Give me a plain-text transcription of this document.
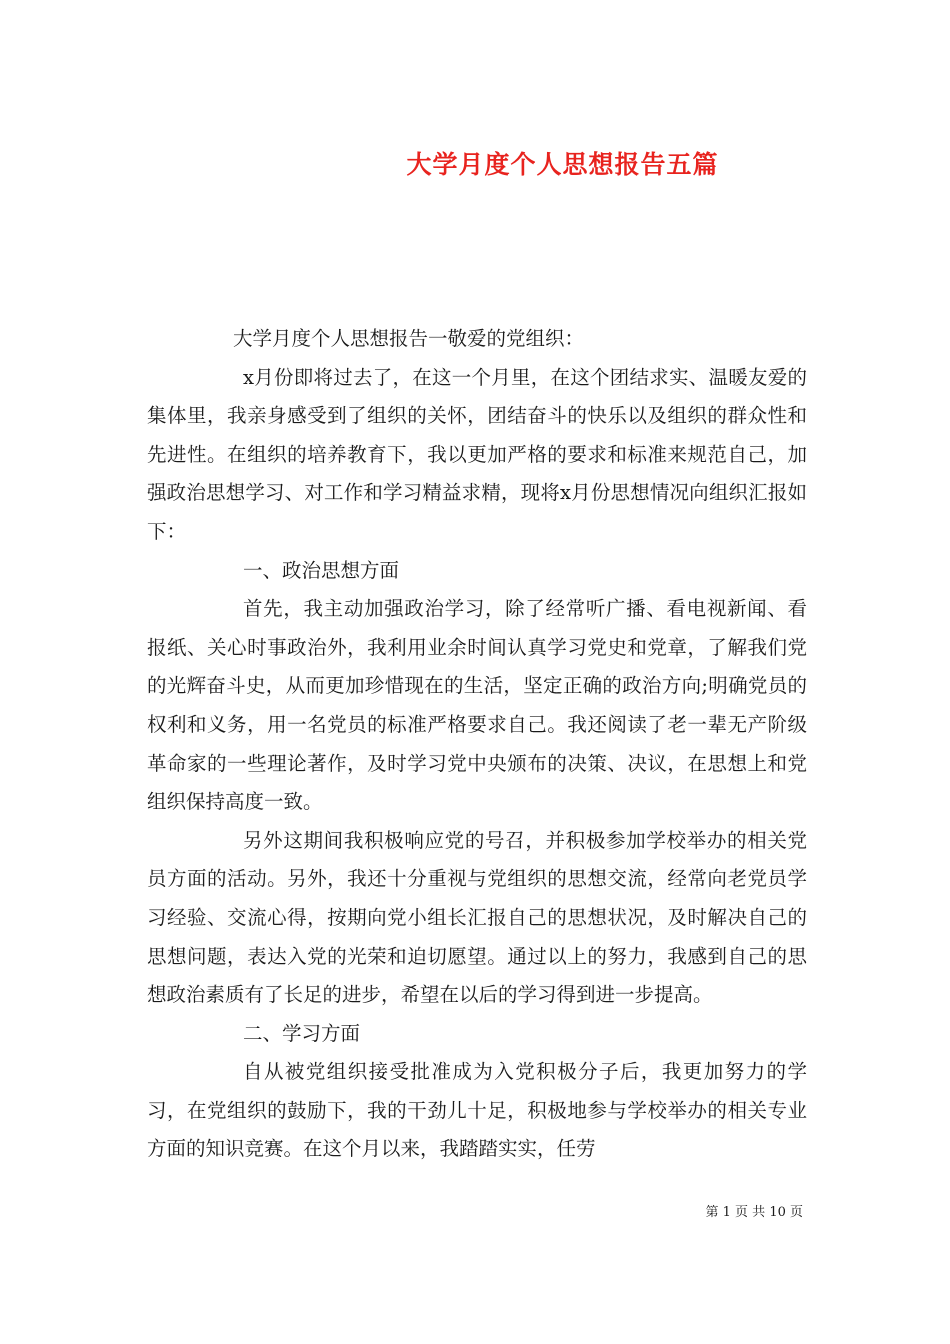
大学月度个人思想报告五篇

大学月度个人思想报告一敬爱的党组织：

x月份即将过去了，在这一个月里，在这个团结求实、温暖友爱的集体里，我亲身感受到了组织的关怀，团结奋斗的快乐以及组织的群众性和先进性。在组织的培养教育下，我以更加严格的要求和标准来规范自己，加强政治思想学习、对工作和学习精益求精，现将x月份思想情况向组织汇报如下：

一、政治思想方面

首先，我主动加强政治学习，除了经常听广播、看电视新闻、看报纸、关心时事政治外，我利用业余时间认真学习党史和党章，了解我们党的光辉奋斗史，从而更加珍惜现在的生活，坚定正确的政治方向;明确党员的权利和义务，用一名党员的标准严格要求自己。我还阅读了老一辈无产阶级革命家的一些理论著作，及时学习党中央颁布的决策、决议，在思想上和党组织保持高度一致。

另外这期间我积极响应党的号召，并积极参加学校举办的相关党员方面的活动。另外，我还十分重视与党组织的思想交流，经常向老党员学习经验、交流心得，按期向党小组长汇报自己的思想状况，及时解决自己的思想问题，表达入党的光荣和迫切愿望。通过以上的努力，我感到自己的思想政治素质有了长足的进步，希望在以后的学习得到进一步提高。

二、学习方面

自从被党组织接受批准成为入党积极分子后，我更加努力的学习，在党组织的鼓励下，我的干劲儿十足，积极地参与学校举办的相关专业方面的知识竞赛。在这个月以来，我踏踏实实，任劳

第 1 页 共 10 页
